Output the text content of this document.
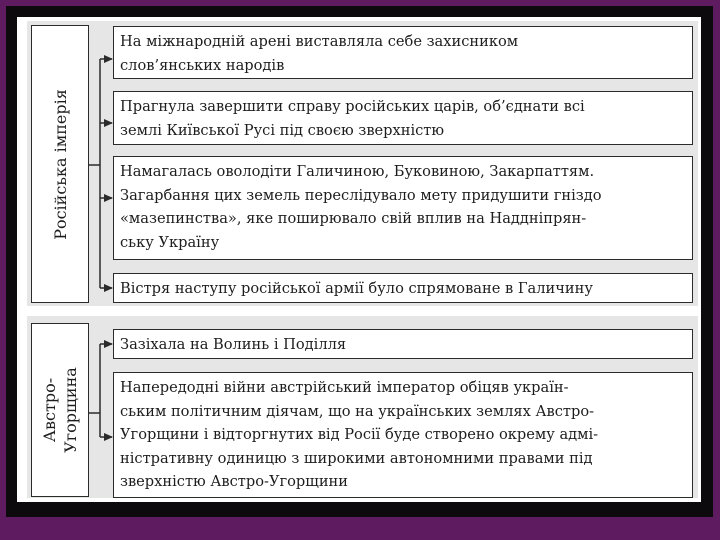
Російська імперія
Австро-
Угорщина
На міжнародній арені виставляла себе захисником
слов’янських народів
Прагнула завершити справу російських царів, об’єднати всі
землі Київської Русі під своєю зверхністю
Намагалась оволодіти Галичиною, Буковиною, Закарпаттям.
Загарбання цих земель переслідувало мету придушити гніздо
«мазепинства», яке поширювало свій вплив на Наддніпрян-
ську Україну
Вістря наступу російської армії було спрямоване в Галичину
Зазіхала на Волинь і Поділля
Напередодні війни австрійський імператор обіцяв україн-
ським політичним діячам, що на українських землях Австро-
Угорщини і відторгнутих від Росії буде створено окрему адмі-
ністративну одиницю з широкими автономними правами під
зверхністю Австро-Угорщини
